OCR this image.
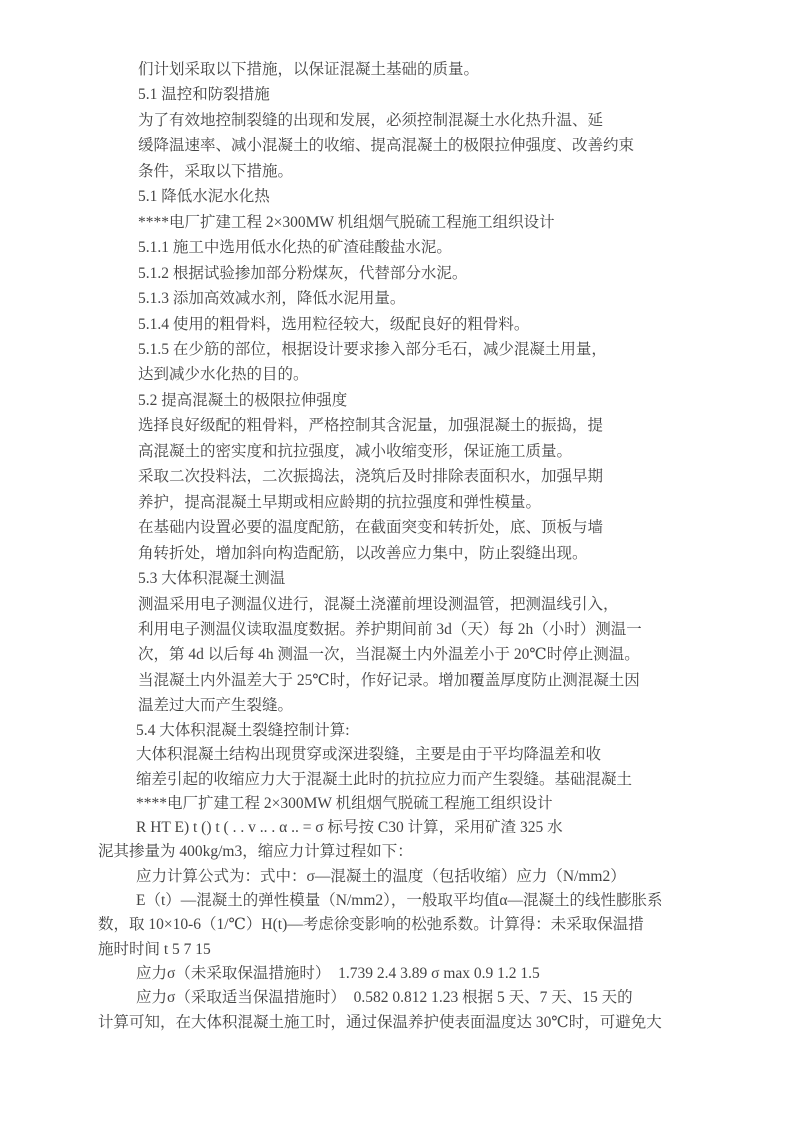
们计划采取以下措施，以保证混凝土基础的质量。
5.1 温控和防裂措施
为了有效地控制裂缝的出现和发展，必须控制混凝土水化热升温、延
缓降温速率、减小混凝土的收缩、提高混凝土的极限拉伸强度、改善约束
条件，采取以下措施。
5.1 降低水泥水化热
****电厂扩建工程 2×300MW 机组烟气脱硫工程施工组织设计
5.1.1 施工中选用低水化热的矿渣硅酸盐水泥。
5.1.2 根据试验掺加部分粉煤灰，代替部分水泥。
5.1.3 添加高效减水剂，降低水泥用量。
5.1.4 使用的粗骨料，选用粒径较大，级配良好的粗骨料。
5.1.5 在少筋的部位，根据设计要求掺入部分毛石，减少混凝土用量，
达到减少水化热的目的。
5.2 提高混凝土的极限拉伸强度
选择良好级配的粗骨料，严格控制其含泥量，加强混凝土的振捣，提
高混凝土的密实度和抗拉强度，减小收缩变形，保证施工质量。
采取二次投料法，二次振捣法，浇筑后及时排除表面积水，加强早期
养护，提高混凝土早期或相应龄期的抗拉强度和弹性模量。
在基础内设置必要的温度配筋，在截面突变和转折处，底、顶板与墙
角转折处，增加斜向构造配筋，以改善应力集中，防止裂缝出现。
5.3 大体积混凝土测温
测温采用电子测温仪进行，混凝土浇灌前埋设测温管，把测温线引入，
利用电子测温仪读取温度数据。养护期间前 3d（天）每 2h（小时）测温一
次，第 4d 以后每 4h 测温一次，当混凝土内外温差小于 20℃时停止测温。
当混凝土内外温差大于 25℃时，作好记录。增加覆盖厚度防止测混凝土因
温差过大而产生裂缝。
5.4 大体积混凝土裂缝控制计算:
大体积混凝土结构出现贯穿或深进裂缝，主要是由于平均降温差和收
缩差引起的收缩应力大于混凝土此时的抗拉应力而产生裂缝。基础混凝土
****电厂扩建工程 2×300MW 机组烟气脱硫工程施工组织设计
R HT E) t () t ( . . v .. . α .. = σ 标号按 C30 计算，采用矿渣 325 水
泥其掺量为 400kg/m3，缩应力计算过程如下：
应力计算公式为：式中：σ—混凝土的温度（包括收缩）应力（N/mm2）
E（t）—混凝土的弹性模量（N/mm2），一般取平均值α—混凝土的线性膨胀系
数，取 10×10-6（1/℃）H(t)—考虑徐变影响的松弛系数。计算得：未采取保温措
施时时间 t 5 7 15
应力σ（未采取保温措施时）  1.739 2.4 3.89 σ max 0.9 1.2 1.5
应力σ（采取适当保温措施时）  0.582 0.812 1.23 根据 5 天、7 天、15 天的
计算可知，在大体积混凝土施工时，通过保温养护使表面温度达 30℃时，可避免大
